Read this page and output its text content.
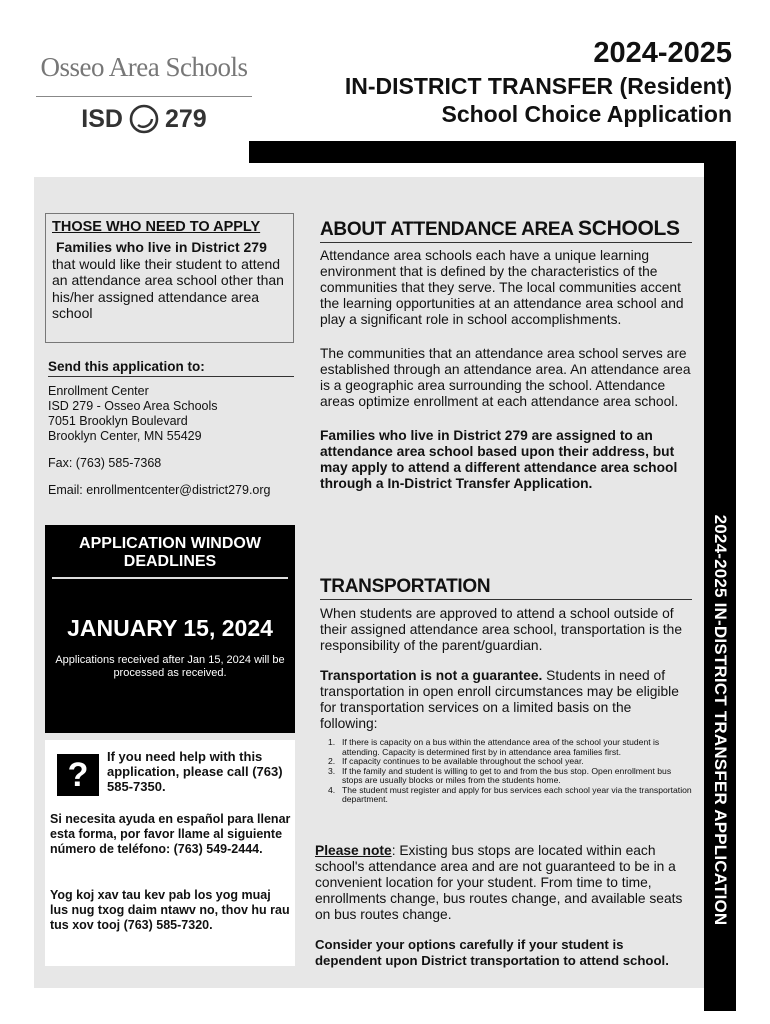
Osseo Area Schools
ISD 279
2024-2025
IN-DISTRICT TRANSFER (Resident)
School Choice Application
2024-2025 IN-DISTRICT TRANSFER APPLICATION
THOSE WHO NEED TO APPLY

Families who live in District 279
that would like their student to attend an attendance area school other than his/her assigned attendance area school

Send this application to:

Enrollment Center

ISD 279 - Osseo Area Schools

7051 Brooklyn Boulevard

Brooklyn Center, MN 55429

Fax: (763) 585-7368

Email: enrollmentcenter@district279.org

APPLICATION WINDOW DEADLINES
JANUARY 15, 2024
Applications received after Jan 15, 2024 will be processed as received.
?	If you need help with this application, please call (763) 585-7350.
Si necesita ayuda en español para llenar esta forma, por favor llame al siguiente número de teléfono: (763) 549-2444.
Yog koj xav tau kev pab los yog muaj lus nug txog daim ntawv no, thov hu rau tus xov tooj (763) 585-7320.
ABOUT ATTENDANCE AREA SCHOOLS

Attendance area schools each have a unique learning environment that is defined by the characteristics of the communities that they serve. The local communities accent the learning opportunities at an attendance area school and play a significant role in school accomplishments.

The communities that an attendance area school serves are established through an attendance area. An attendance area is a geographic area surrounding the school. Attendance areas optimize enrollment at each attendance area school.

Families who live in District 279 are assigned to an attendance area school based upon their address, but may apply to attend a different attendance area school through a In-District Transfer Application.

TRANSPORTATION

When students are approved to attend a school outside of their assigned attendance area school, transportation is the responsibility of the parent/guardian.

Transportation is not a guarantee. Students in need of transportation in open enroll circumstances may be eligible for transportation services on a limited basis on the following:

1. If there is capacity on a bus within the attendance area of the school your student is attending. Capacity is determined first by in attendance area families first.
2. If capacity continues to be available throughout the school year.
3. If the family and student is willing to get to and from the bus stop. Open enrollment bus stops are usually blocks or miles from the students home.
4. The student must register and apply for bus services each school year via the transportation department.

Please note: Existing bus stops are located within each school's attendance area and are not guaranteed to be in a convenient location for your student. From time to time, enrollments change, bus routes change, and available seats on bus routes change.

Consider your options carefully if your student is dependent upon District transportation to attend school.
